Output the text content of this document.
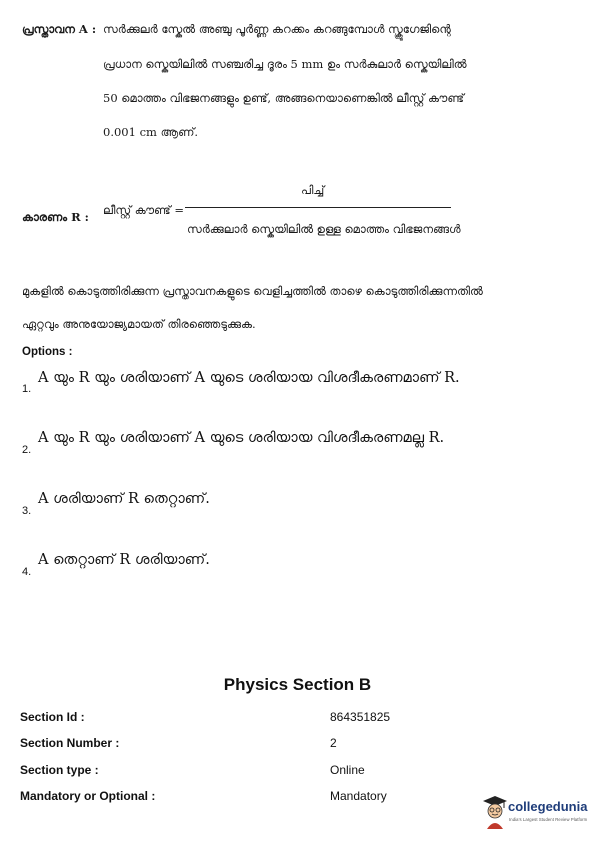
പ്രസ്താവന A : സർക്കുലർ സ്കേൽ അഞ്ചു പൂർണ്ണ കറക്കം കറങ്ങുമ്പോൾ സ്ക്രൂഗേജിന്റെ
പ്രധാന സ്കെയിലിൽ സഞ്ചരിച്ച ദൂരം 5 mm ഉം സർകുലാർ സ്കെയിലിൽ
50 മൊത്തം വിഭജനങ്ങളും ഉണ്ട്, അങ്ങനെയാണെങ്കിൽ ലീസ്റ്റ് കൗണ്ട്
0.001 cm ആണ്.
കാരണം R : ലീസ്റ്റ് കൗണ്ട് =
പിച്ച്
സർക്കുലാർ സ്കെയിലിൽ ഉള്ള മൊത്തം വിഭജനങ്ങൾ
മുകളിൽ കൊടുത്തിരിക്കുന്ന പ്രസ്താവനകളുടെ വെളിച്ചത്തിൽ താഴെ കൊടുത്തിരിക്കുന്നതിൽ
ഏറ്റവും അനുയോജ്യമായത് തിരഞ്ഞെടുക്കുക.
Options :
1.
A യും R യും ശരിയാണ് A യുടെ ശരിയായ വിശദീകരണമാണ് R.
2.
A യും R യും ശരിയാണ് A യുടെ ശരിയായ വിശദീകരണമല്ല R.
3.
A ശരിയാണ് R തെറ്റാണ്.
4.
A തെറ്റാണ് R ശരിയാണ്.
Physics Section B
Section Id :	864351825
Section Number :	2
Section type :	Online
Mandatory or Optional :	Mandatory
collegedunia
India's Largest Student Review Platform
